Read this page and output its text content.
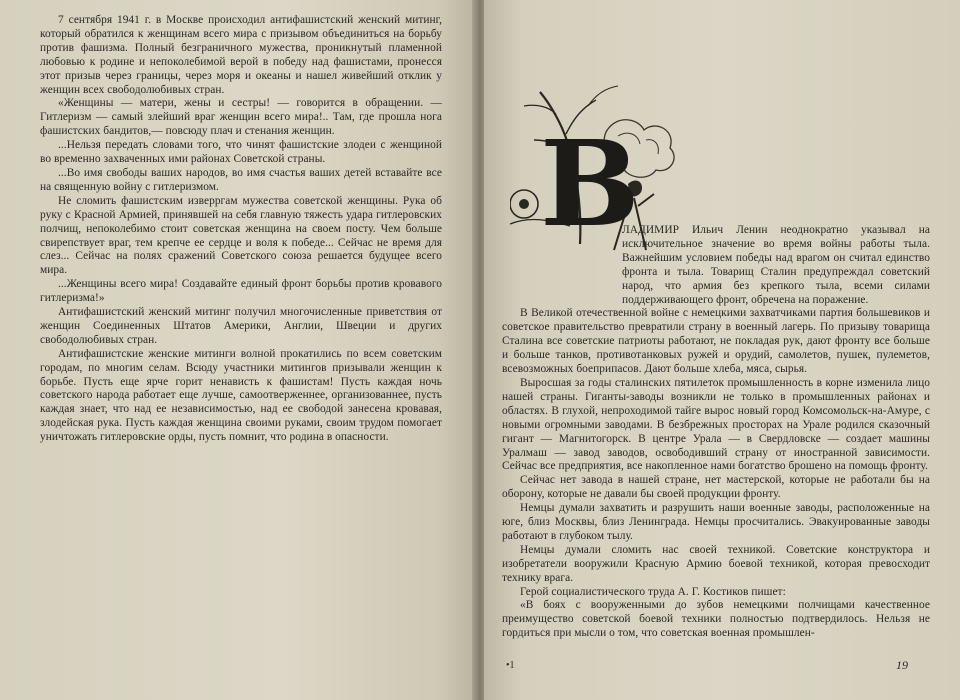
7 сентября 1941 г. в Москве происходил антифашистский женский митинг, который обратился к женщинам всего мира с призывом объединиться на борьбу против фашизма. Полный безграничного мужества, проникнутый пламенной любовью к родине и непоколебимой верой в победу над фашистами, пронесся этот призыв через границы, через моря и океаны и нашел живейший отклик у женщин всех свободолюбивых стран.

«Женщины — матери, жены и сестры! — говорится в обращении. — Гитлеризм — самый злейший враг женщин всего мира!.. Там, где прошла нога фашистских бандитов,— повсюду плач и стенания женщин.

...Нельзя передать словами того, что чинят фашистские злодеи с женщиной во временно захваченных ими районах Советской страны.

...Во имя свободы ваших народов, во имя счастья ваших детей вставайте все на священную войну с гитлеризмом.

Не сломить фашистским изверргам мужества советской женщины. Рука об руку с Красной Армией, принявшей на себя главную тяжесть удара гитлеровских полчищ, непоколебимо стоит советская женщина на своем посту. Чем больше свирепствует враг, тем крепче ее сердце и воля к победе... Сейчас не время для слез... Сейчас на полях сражений Советского союза решается будущее всего мира.

...Женщины всего мира! Создавайте единый фронт борьбы против кровавого гитлеризма!»

Антифашистский женский митинг получил многочисленные приветствия от женщин Соединенных Штатов Америки, Англии, Швеции и других свободолюбивых стран.

Антифашистские женские митинги волной прокатились по всем советским городам, по многим селам. Всюду участники митингов призывали женщин к борьбе. Пусть еще ярче горит ненависть к фашистам! Пусть каждая ночь советского народа работает еще лучше, самоотверженнее, организованнее, пусть каждая знает, что над ее независимостью, над ее свободой занесена кровавая, злодейская рука. Пусть каждая женщина своими руками, своим трудом помогает уничтожать гитлеровские орды, пусть помнит, что родина в опасности.

В

ЛАДИМИР Ильич Ленин неоднократно указывал на исключительное значение во время войны работы тыла. Важнейшим условием победы над врагом он считал единство фронта и тыла. Товарищ Сталин предупреждал советский народ, что армия без крепкого тыла, всеми силами поддерживающего фронт, обречена на поражение.

В Великой отечественной войне с немецкими захватчиками партия большевиков и советское правительство превратили страну в военный лагерь. По призыву товарища Сталина все советские патриоты работают, не покладая рук, дают фронту все больше и больше танков, противотанковых ружей и орудий, самолетов, пушек, пулеметов, всевозможных боеприпасов. Дают больше хлеба, мяса, сырья.

Выросшая за годы сталинских пятилеток промышленность в корне изменила лицо нашей страны. Гиганты-заводы возникли не только в промышленных районах и областях. В глухой, непроходимой тайге вырос новый город Комсомольск-на-Амуре, с новыми огромными заводами. В безбрежных просторах на Урале родился сказочный гигант — Магнитогорск. В центре Урала — в Свердловске — создает машины Уралмаш — завод заводов, освободивший страну от иностранной зависимости. Сейчас все предприятия, все накопленное нами богатство брошено на помощь фронту.

Сейчас нет завода в нашей стране, нет мастерской, которые не работали бы на оборону, которые не давали бы своей продукции фронту.

Немцы думали захватить и разрушить наши военные заводы, расположенные на юге, близ Москвы, близ Ленинграда. Немцы просчитались. Эвакуированные заводы работают в глубоком тылу.

Немцы думали сломить нас своей техникой. Советские конструктора и изобретатели вооружили Красную Армию боевой техникой, которая превосходит технику врага.

Герой социалистического труда А. Г. Костиков пишет:

«В боях с вооруженными до зубов немецкими полчищами качественное преимущество советской боевой техники полностью подтвердилось. Нельзя не гордиться при мысли о том, что советская военная промышлен-

•1	19
